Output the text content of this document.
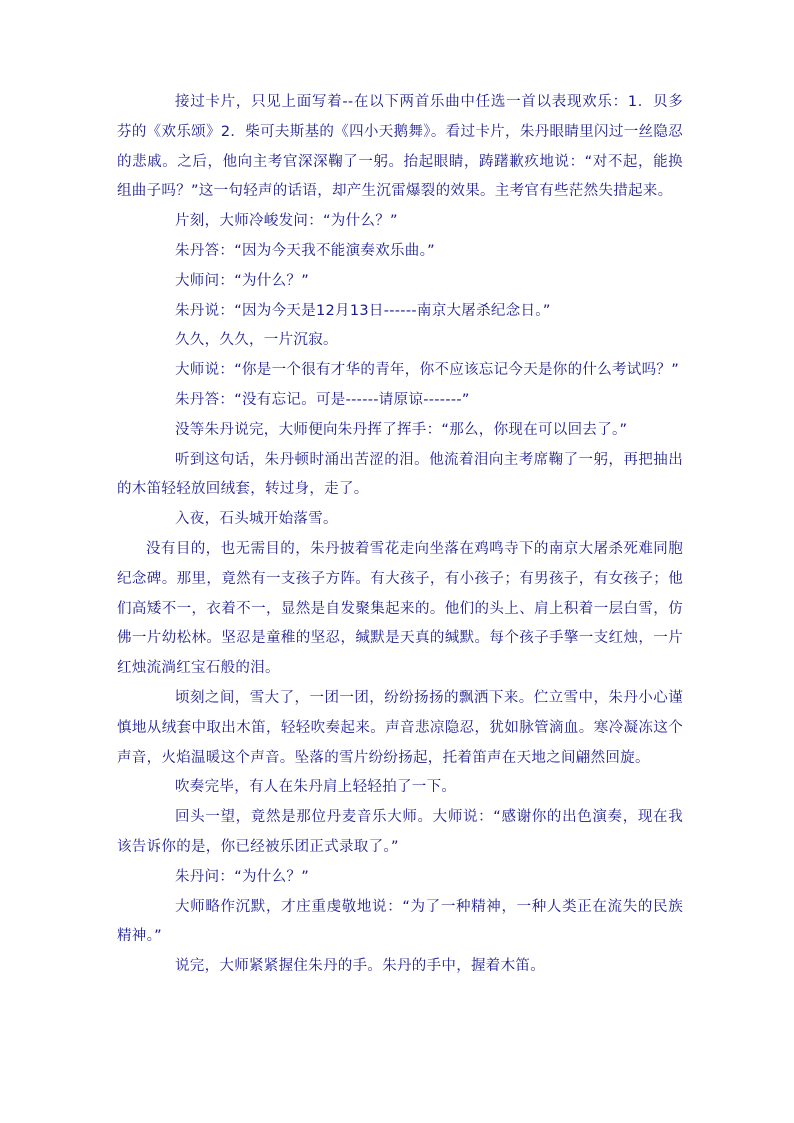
接过卡片，只见上面写着--在以下两首乐曲中任选一首以表现欢乐：1．贝多芬的《欢乐颂》2．柴可夫斯基的《四小天鹅舞》。看过卡片，朱丹眼睛里闪过一丝隐忍的悲戚。之后，他向主考官深深鞠了一躬。抬起眼睛，踌躇歉疚地说：“对不起，能换组曲子吗？”这一句轻声的话语，却产生沉雷爆裂的效果。主考官有些茫然失措起来。

片刻，大师冷峻发问：“为什么？”

朱丹答：“因为今天我不能演奏欢乐曲。”

大师问：“为什么？”

朱丹说：“因为今天是12月13日------南京大屠杀纪念日。”

久久，久久，一片沉寂。

大师说：“你是一个很有才华的青年，你不应该忘记今天是你的什么考试吗？”

朱丹答：“没有忘记。可是------请原谅-------”

没等朱丹说完，大师便向朱丹挥了挥手：“那么，你现在可以回去了。”

听到这句话，朱丹顿时涌出苦涩的泪。他流着泪向主考席鞠了一躬，再把抽出的木笛轻轻放回绒套，转过身，走了。

入夜，石头城开始落雪。

没有目的，也无需目的，朱丹披着雪花走向坐落在鸡鸣寺下的南京大屠杀死难同胞纪念碑。那里，竟然有一支孩子方阵。有大孩子，有小孩子；有男孩子，有女孩子；他们高矮不一，衣着不一，显然是自发聚集起来的。他们的头上、肩上积着一层白雪，仿佛一片幼松林。坚忍是童稚的坚忍，缄默是天真的缄默。每个孩子手擎一支红烛，一片红烛流淌红宝石般的泪。

顷刻之间，雪大了，一团一团，纷纷扬扬的飘洒下来。伫立雪中，朱丹小心谨慎地从绒套中取出木笛，轻轻吹奏起来。声音悲凉隐忍，犹如脉管滴血。寒冷凝冻这个声音，火焰温暖这个声音。坠落的雪片纷纷扬起，托着笛声在天地之间翩然回旋。

吹奏完毕，有人在朱丹肩上轻轻拍了一下。

回头一望，竟然是那位丹麦音乐大师。大师说：“感谢你的出色演奏，现在我该告诉你的是，你已经被乐团正式录取了。”

朱丹问：“为什么？”

大师略作沉默，才庄重虔敬地说：“为了一种精神，一种人类正在流失的民族精神。”

说完，大师紧紧握住朱丹的手。朱丹的手中，握着木笛。
